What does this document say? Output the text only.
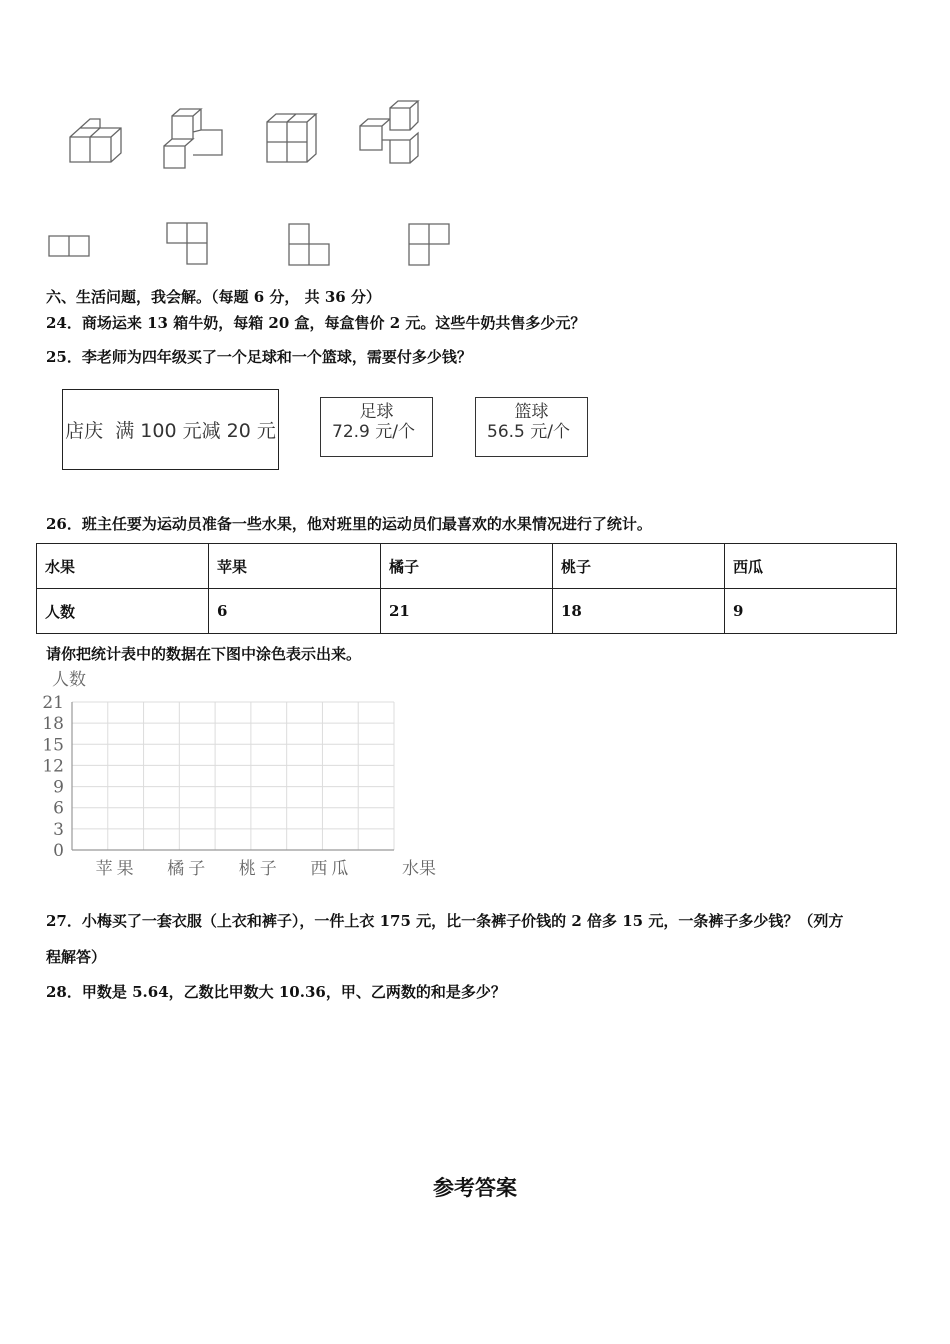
六、生活问题，我会解。（每题 6 分， 共 36 分）
24．商场运来 13 箱牛奶，每箱 20 盒，每盒售价 2 元。这些牛奶共售多少元？
25．李老师为四年级买了一个足球和一个篮球，需要付多少钱？
店庆  满 100 元减 20 元
足球
72.9 元/个
篮球
56.5 元/个
26．班主任要为运动员准备一些水果，他对班里的运动员们最喜欢的水果情况进行了统计。
水果	苹果	橘子	桃子	西瓜
人数	6	21	18	9
请你把统计表中的数据在下图中涂色表示出来。
0
3
6
9
12
15
18
21
人数
水果
苹果 橘子 桃子 西瓜
27．小梅买了一套衣服（上衣和裤子），一件上衣 175 元，比一条裤子价钱的 2 倍多 15 元，一条裤子多少钱？（列方
程解答）
28．甲数是 5.64，乙数比甲数大 10.36，甲、乙两数的和是多少？
参考答案
